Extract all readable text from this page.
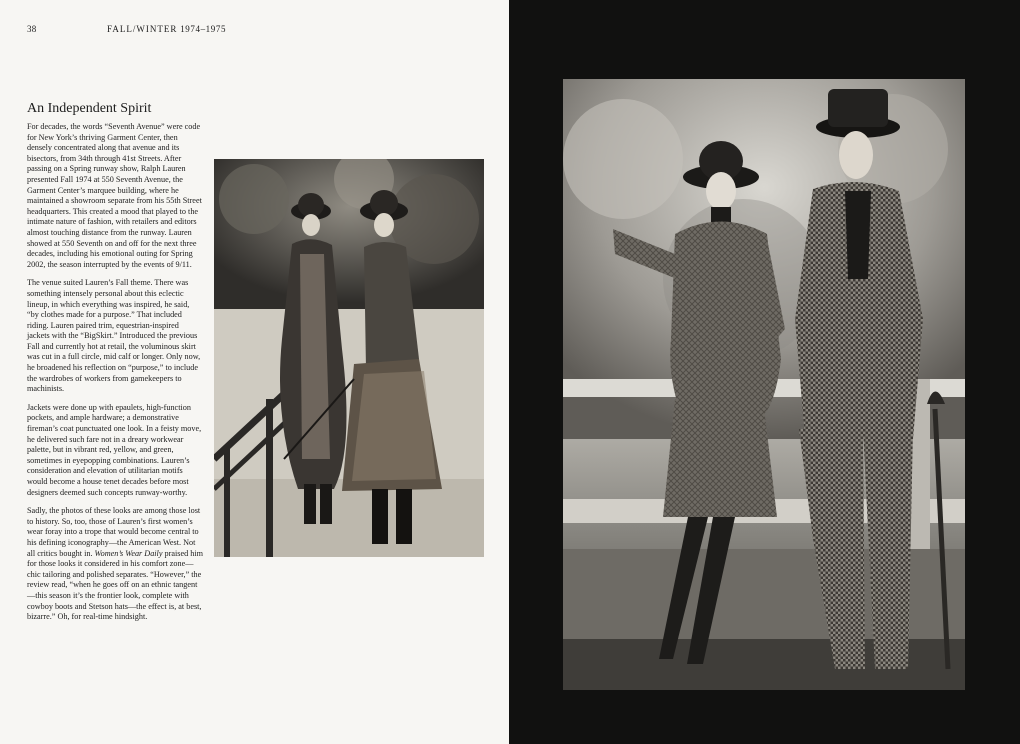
38	FALL/WINTER 1974–1975
An Independent Spirit

For decades, the words “Seventh Avenue” were code for New York’s thriving Garment Center, then densely concentrated along that avenue and its bisectors, from 34th through 41st Streets. After passing on a Spring runway show, Ralph Lauren presented Fall 1974 at 550 Seventh Avenue, the Garment Center’s marquee building, where he maintained a showroom separate from his 55th Street headquarters. This created a mood that played to the intimate nature of fashion, with retailers and editors almost touching distance from the runway. Lauren showed at 550 Seventh on and off for the next three decades, including his emotional outing for Spring 2002, the season interrupted by the events of 9/11.

The venue suited Lauren’s Fall theme. There was something intensely personal about this eclectic lineup, in which everything was inspired, he said, “by clothes made for a purpose.” That included riding. Lauren paired trim, equestrian-inspired jackets with the “BigSkirt.” Introduced the previous Fall and currently hot at retail, the voluminous skirt was cut in a full circle, mid calf or longer. Only now, he broadened his reflection on “purpose,” to include the wardrobes of workers from gamekeepers to machinists.

Jackets were done up with epaulets, high-function pockets, and ample hardware; a demonstrative fireman’s coat punctuated one look. In a feisty move, he delivered such fare not in a dreary workwear palette, but in vibrant red, yellow, and green, sometimes in eyepopping combinations. Lauren’s consideration and elevation of utilitarian motifs would become a house tenet decades before most designers deemed such concepts runway-worthy.

Sadly, the photos of these looks are among those lost to history. So, too, those of Lauren’s first women’s wear foray into a trope that would become central to his defining iconography—the American West. Not all critics bought in. Women’s Wear Daily praised him for those looks it considered in his comfort zone—chic tailoring and polished separates. “However,” the review read, “when he goes off on an ethnic tangent—this season it’s the frontier look, complete with cowboy boots and Stetson hats—the effect is, at best, bizarre.” Oh, for real-time hindsight.
